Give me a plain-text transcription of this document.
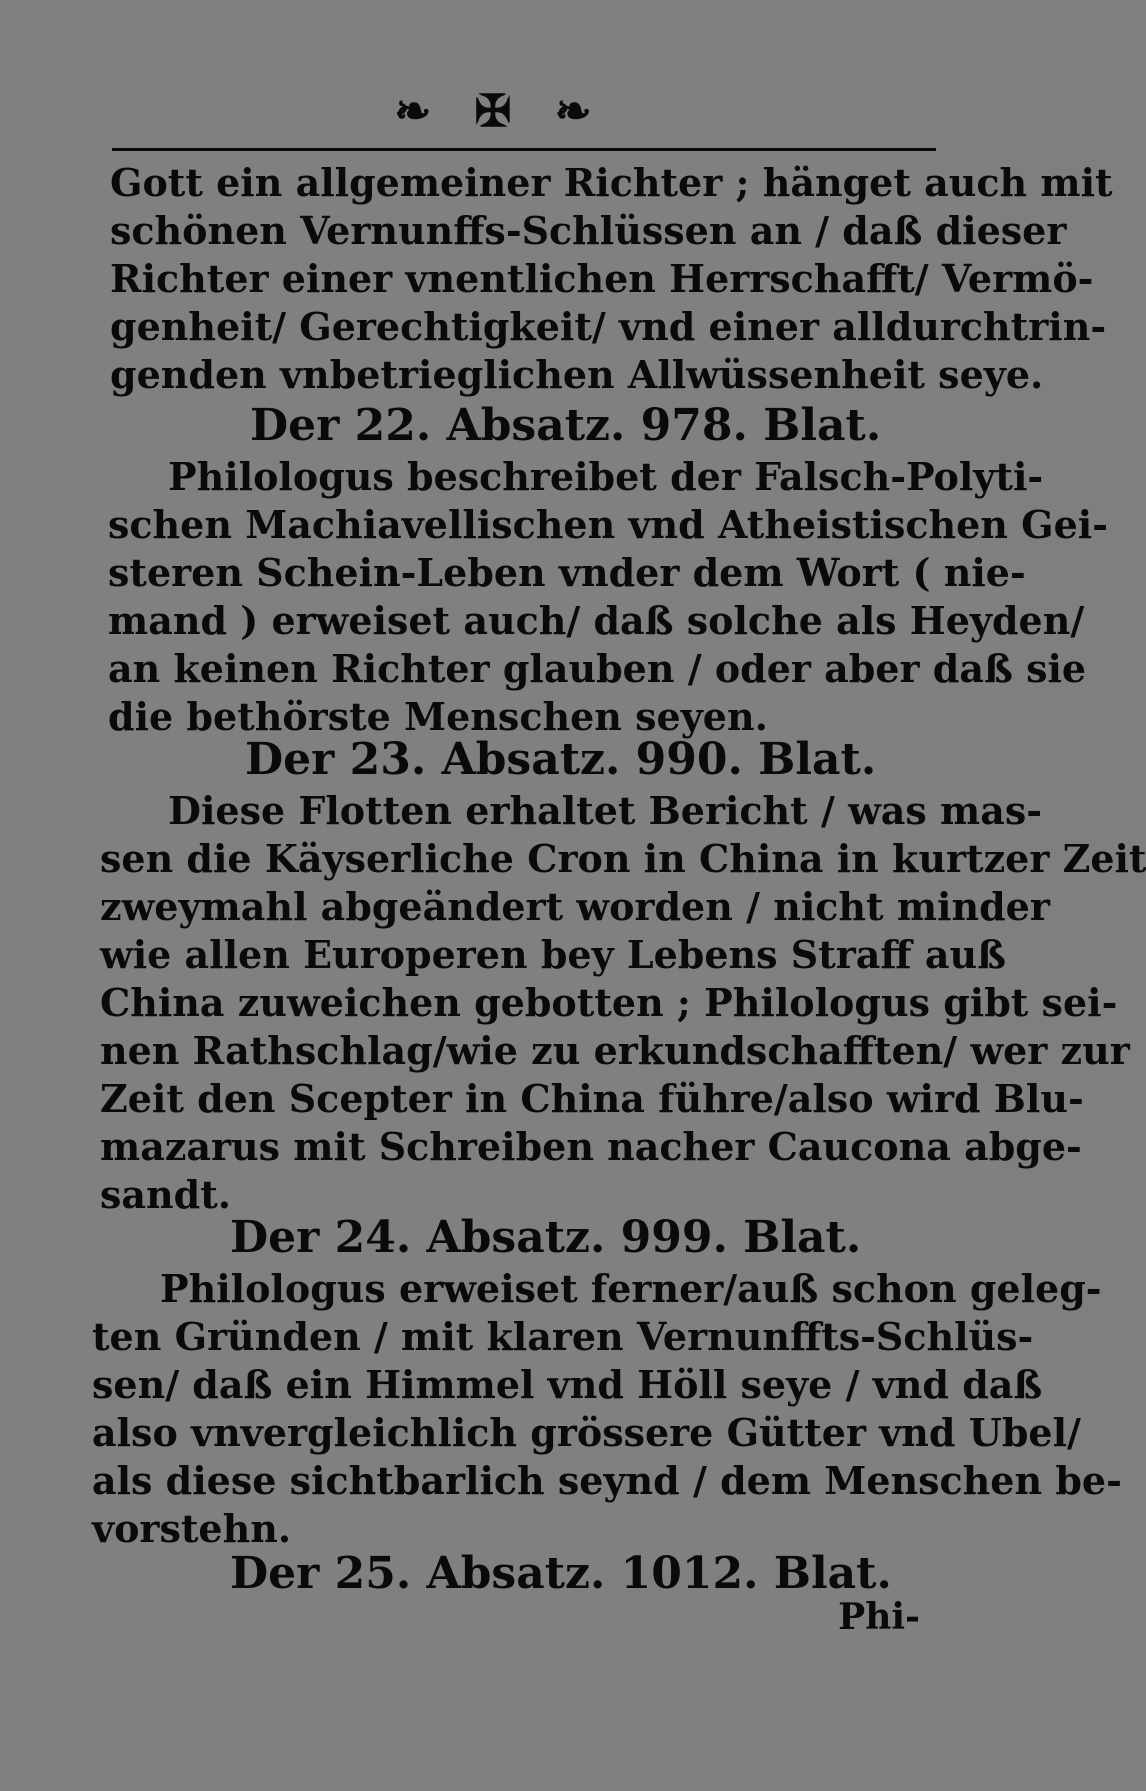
❧ ✠ ❧
Gott ein allgemeiner Richter ; hänget auch mit
schönen Vernunffs-Schlüssen an / daß dieser
Richter einer vnentlichen Herrschafft/ Vermö-
genheit/ Gerechtigkeit/ vnd einer alldurchtrin-
genden vnbetrieglichen Allwüssenheit seye.
Der 22. Absatz. 978. Blat.
Philologus beschreibet der Falsch-Polyti-
schen Machiavellischen vnd Atheistischen Gei-
steren Schein-Leben vnder dem Wort ( nie-
mand ) erweiset auch/ daß solche als Heyden/
an keinen Richter glauben / oder aber daß sie
die bethörste Menschen seyen.
Der 23. Absatz. 990. Blat.
Diese Flotten erhaltet Bericht / was mas-
sen die Käyserliche Cron in China in kurtzer Zeit
zweymahl abgeändert worden / nicht minder
wie allen Europeren bey Lebens Straff auß
China zuweichen gebotten ; Philologus gibt sei-
nen Rathschlag/wie zu erkundschafften/ wer zur
Zeit den Scepter in China führe/also wird Blu-
mazarus mit Schreiben nacher Caucona abge-
sandt.
Der 24. Absatz. 999. Blat.
Philologus erweiset ferner/auß schon geleg-
ten Gründen / mit klaren Vernunffts-Schlüs-
sen/ daß ein Himmel vnd Höll seye / vnd daß
also vnvergleichlich grössere Gütter vnd Ubel/
als diese sichtbarlich seynd / dem Menschen be-
vorstehn.
Der 25. Absatz. 1012. Blat.
Phi-
